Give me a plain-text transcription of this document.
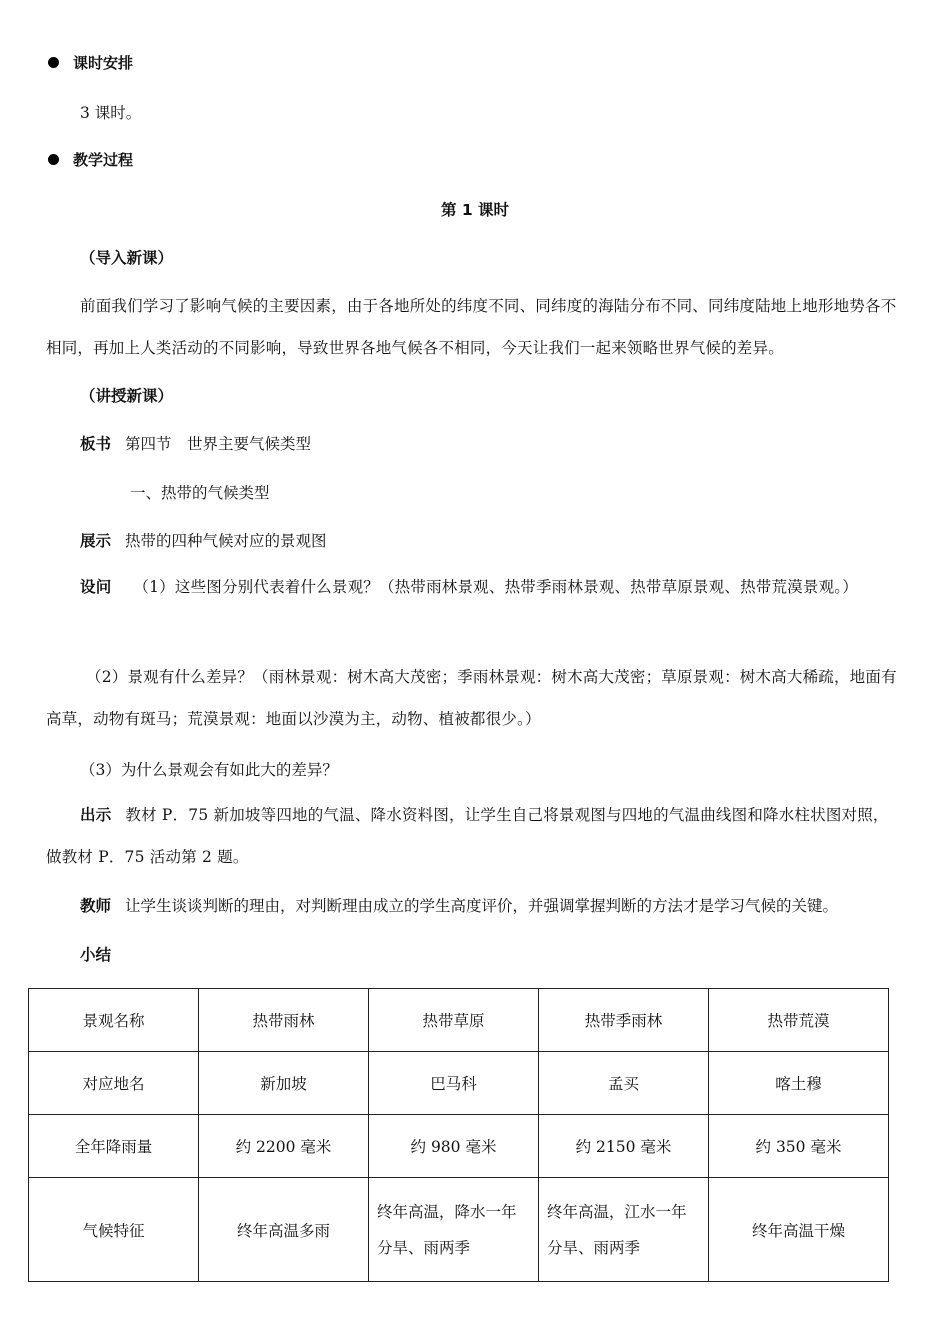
课时安排
3 课时。
教学过程
第 1 课时
（导入新课）
前面我们学习了影响气候的主要因素，由于各地所处的纬度不同、同纬度的海陆分布不同、同纬度陆地上地形地势各不相同，再加上人类活动的不同影响，导致世界各地气候各不相同，今天让我们一起来领略世界气候的差异。
（讲授新课）
板书 第四节　世界主要气候类型
一、热带的气候类型
展示 热带的四种气候对应的景观图
设问 （1）这些图分别代表着什么景观？（热带雨林景观、热带季雨林景观、热带草原景观、热带荒漠景观。）
（2）景观有什么差异？（雨林景观：树木高大茂密；季雨林景观：树木高大茂密；草原景观：树木高大稀疏，地面有高草，动物有斑马；荒漠景观：地面以沙漠为主，动物、植被都很少。）
（3）为什么景观会有如此大的差异？
出示 教材 P．75 新加坡等四地的气温、降水资料图，让学生自己将景观图与四地的气温曲线图和降水柱状图对照，做教材 P．75 活动第 2 题。
教师 让学生谈谈判断的理由，对判断理由成立的学生高度评价，并强调掌握判断的方法才是学习气候的关键。
小结
景观名称	热带雨林	热带草原	热带季雨林	热带荒漠
对应地名	新加坡	巴马科	孟买	喀土穆
全年降雨量	约 2200 毫米	约 980 毫米	约 2150 毫米	约 350 毫米
气候特征	终年高温多雨	终年高温，降水一年分旱、雨两季	终年高温，江水一年分旱、雨两季	终年高温干燥
